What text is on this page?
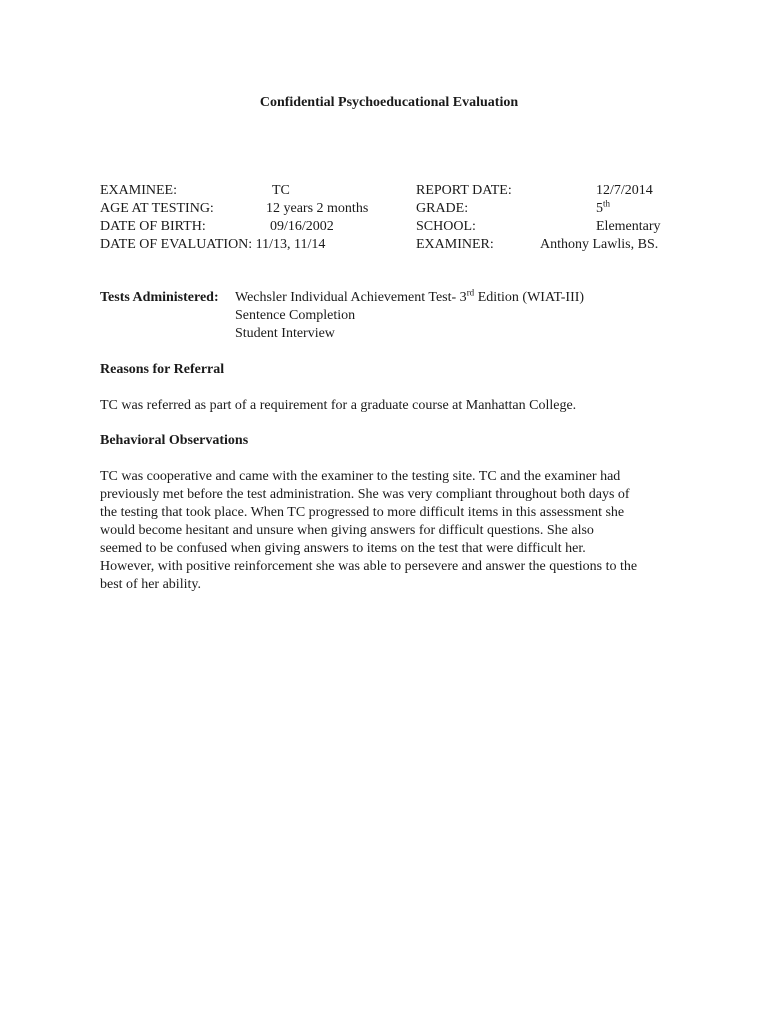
Confidential Psychoeducational Evaluation
EXAMINEE:	TC	REPORT DATE:	12/7/2014
AGE AT TESTING:	12 years 2 months	GRADE:	5th
DATE OF BIRTH:	09/16/2002	SCHOOL:	Elementary
DATE OF EVALUATION: 11/13, 11/14	EXAMINER:	Anthony Lawlis, BS.
Tests Administered: Wechsler Individual Achievement Test- 3rd Edition (WIAT-III)
Sentence Completion
Student Interview
Reasons for Referral
TC was referred as part of a requirement for a graduate course at Manhattan College.
Behavioral Observations
TC was cooperative and came with the examiner to the testing site. TC and the examiner had
previously met before the test administration. She was very compliant throughout both days of
the testing that took place. When TC progressed to more difficult items in this assessment she
would become hesitant and unsure when giving answers for difficult questions. She also
seemed to be confused when giving answers to items on the test that were difficult her.
However, with positive reinforcement she was able to persevere and answer the questions to the
best of her ability.
